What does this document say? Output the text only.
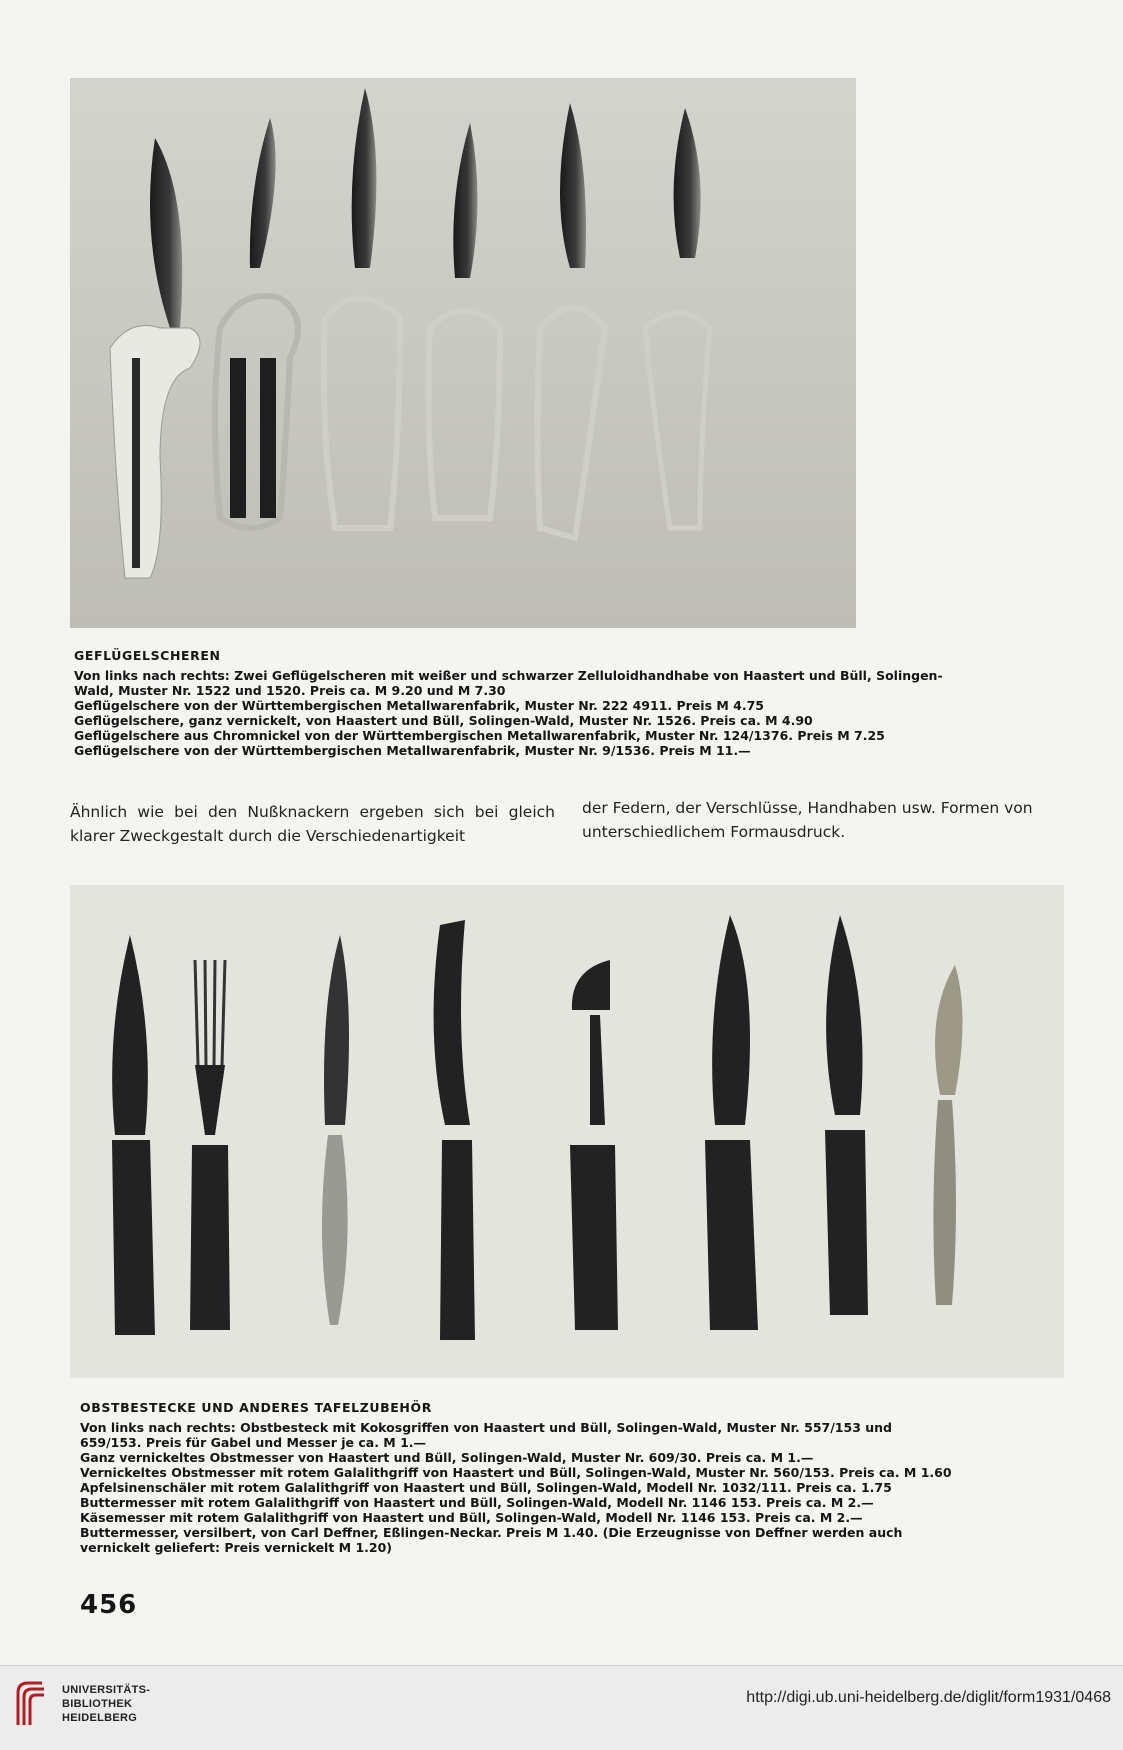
GEFLÜGELSCHEREN
Von links nach rechts: Zwei Geflügelscheren mit weißer und schwarzer Zelluloidhandhabe von Haastert und Büll, Solingen-
Wald, Muster Nr. 1522 und 1520. Preis ca. M 9.20 und M 7.30
Geflügelschere von der Württembergischen Metallwarenfabrik, Muster Nr. 222 4911. Preis M 4.75
Geflügelschere, ganz vernickelt, von Haastert und Büll, Solingen-Wald, Muster Nr. 1526. Preis ca. M 4.90
Geflügelschere aus Chromnickel von der Württembergischen Metallwarenfabrik, Muster Nr. 124/1376. Preis M 7.25
Geflügelschere von der Württembergischen Metallwarenfabrik, Muster Nr. 9/1536. Preis M 11.—
Ähnlich wie bei den Nußknackern ergeben sich bei gleich klarer Zweckgestalt durch die Verschiedenartigkeit
der Federn, der Verschlüsse, Handhaben usw. Formen von unterschiedlichem Formausdruck.
OBSTBESTECKE UND ANDERES TAFELZUBEHÖR
Von links nach rechts: Obstbesteck mit Kokosgriffen von Haastert und Büll, Solingen-Wald, Muster Nr. 557/153 und
659/153. Preis für Gabel und Messer je ca. M 1.—
Ganz vernickeltes Obstmesser von Haastert und Büll, Solingen-Wald, Muster Nr. 609/30. Preis ca. M 1.—
Vernickeltes Obstmesser mit rotem Galalithgriff von Haastert und Büll, Solingen-Wald, Muster Nr. 560/153. Preis ca. M 1.60
Apfelsinenschäler mit rotem Galalithgriff von Haastert und Büll, Solingen-Wald, Modell Nr. 1032/111. Preis ca. 1.75
Buttermesser mit rotem Galalithgriff von Haastert und Büll, Solingen-Wald, Modell Nr. 1146 153. Preis ca. M 2.—
Käsemesser mit rotem Galalithgriff von Haastert und Büll, Solingen-Wald, Modell Nr. 1146 153. Preis ca. M 2.—
Buttermesser, versilbert, von Carl Deffner, Eßlingen-Neckar. Preis M 1.40. (Die Erzeugnisse von Deffner werden auch
vernickelt geliefert: Preis vernickelt M 1.20)
456
UNIVERSITÄTS-
BIBLIOTHEK
HEIDELBERG
http://digi.ub.uni-heidelberg.de/diglit/form1931/0468
